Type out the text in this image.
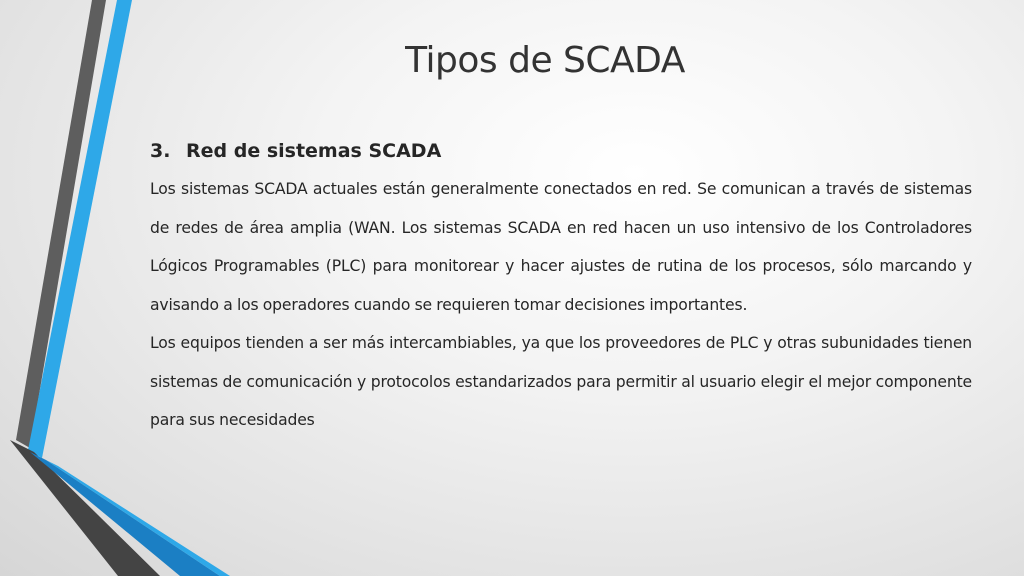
Tipos de SCADA
3. Red de sistemas SCADA

Los sistemas SCADA actuales están generalmente conectados en red. Se comunican a través de sistemas de redes de área amplia (WAN. Los sistemas SCADA en red hacen un uso intensivo de los Controladores Lógicos Programables (PLC) para monitorear y hacer ajustes de rutina de los procesos, sólo marcando y avisando a los operadores cuando se requieren tomar decisiones importantes.

Los equipos tienden a ser más intercambiables, ya que los proveedores de PLC y otras subunidades tienen sistemas de comunicación y protocolos estandarizados para permitir al usuario elegir el mejor componente para sus necesidades
